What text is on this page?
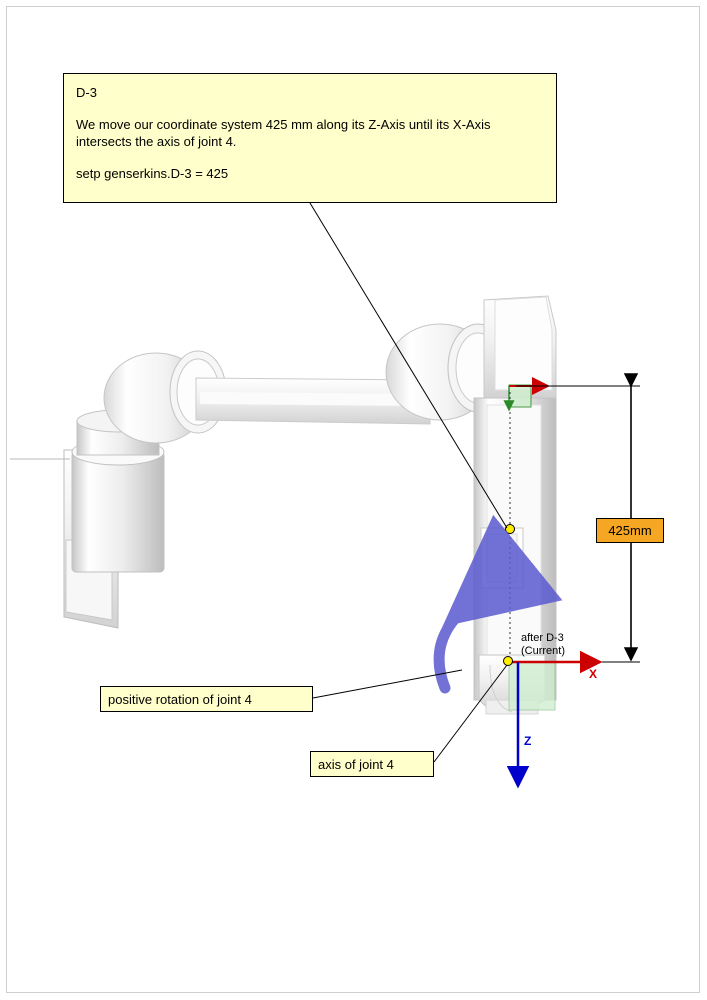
D-3

We move our coordinate system 425 mm along its Z-Axis until its X-Axis intersects the axis of joint 4.

setp genserkins.D-3 = 425

positive rotation of joint 4
axis of joint 4
425mm
after D-3
(Current)
X
Z
